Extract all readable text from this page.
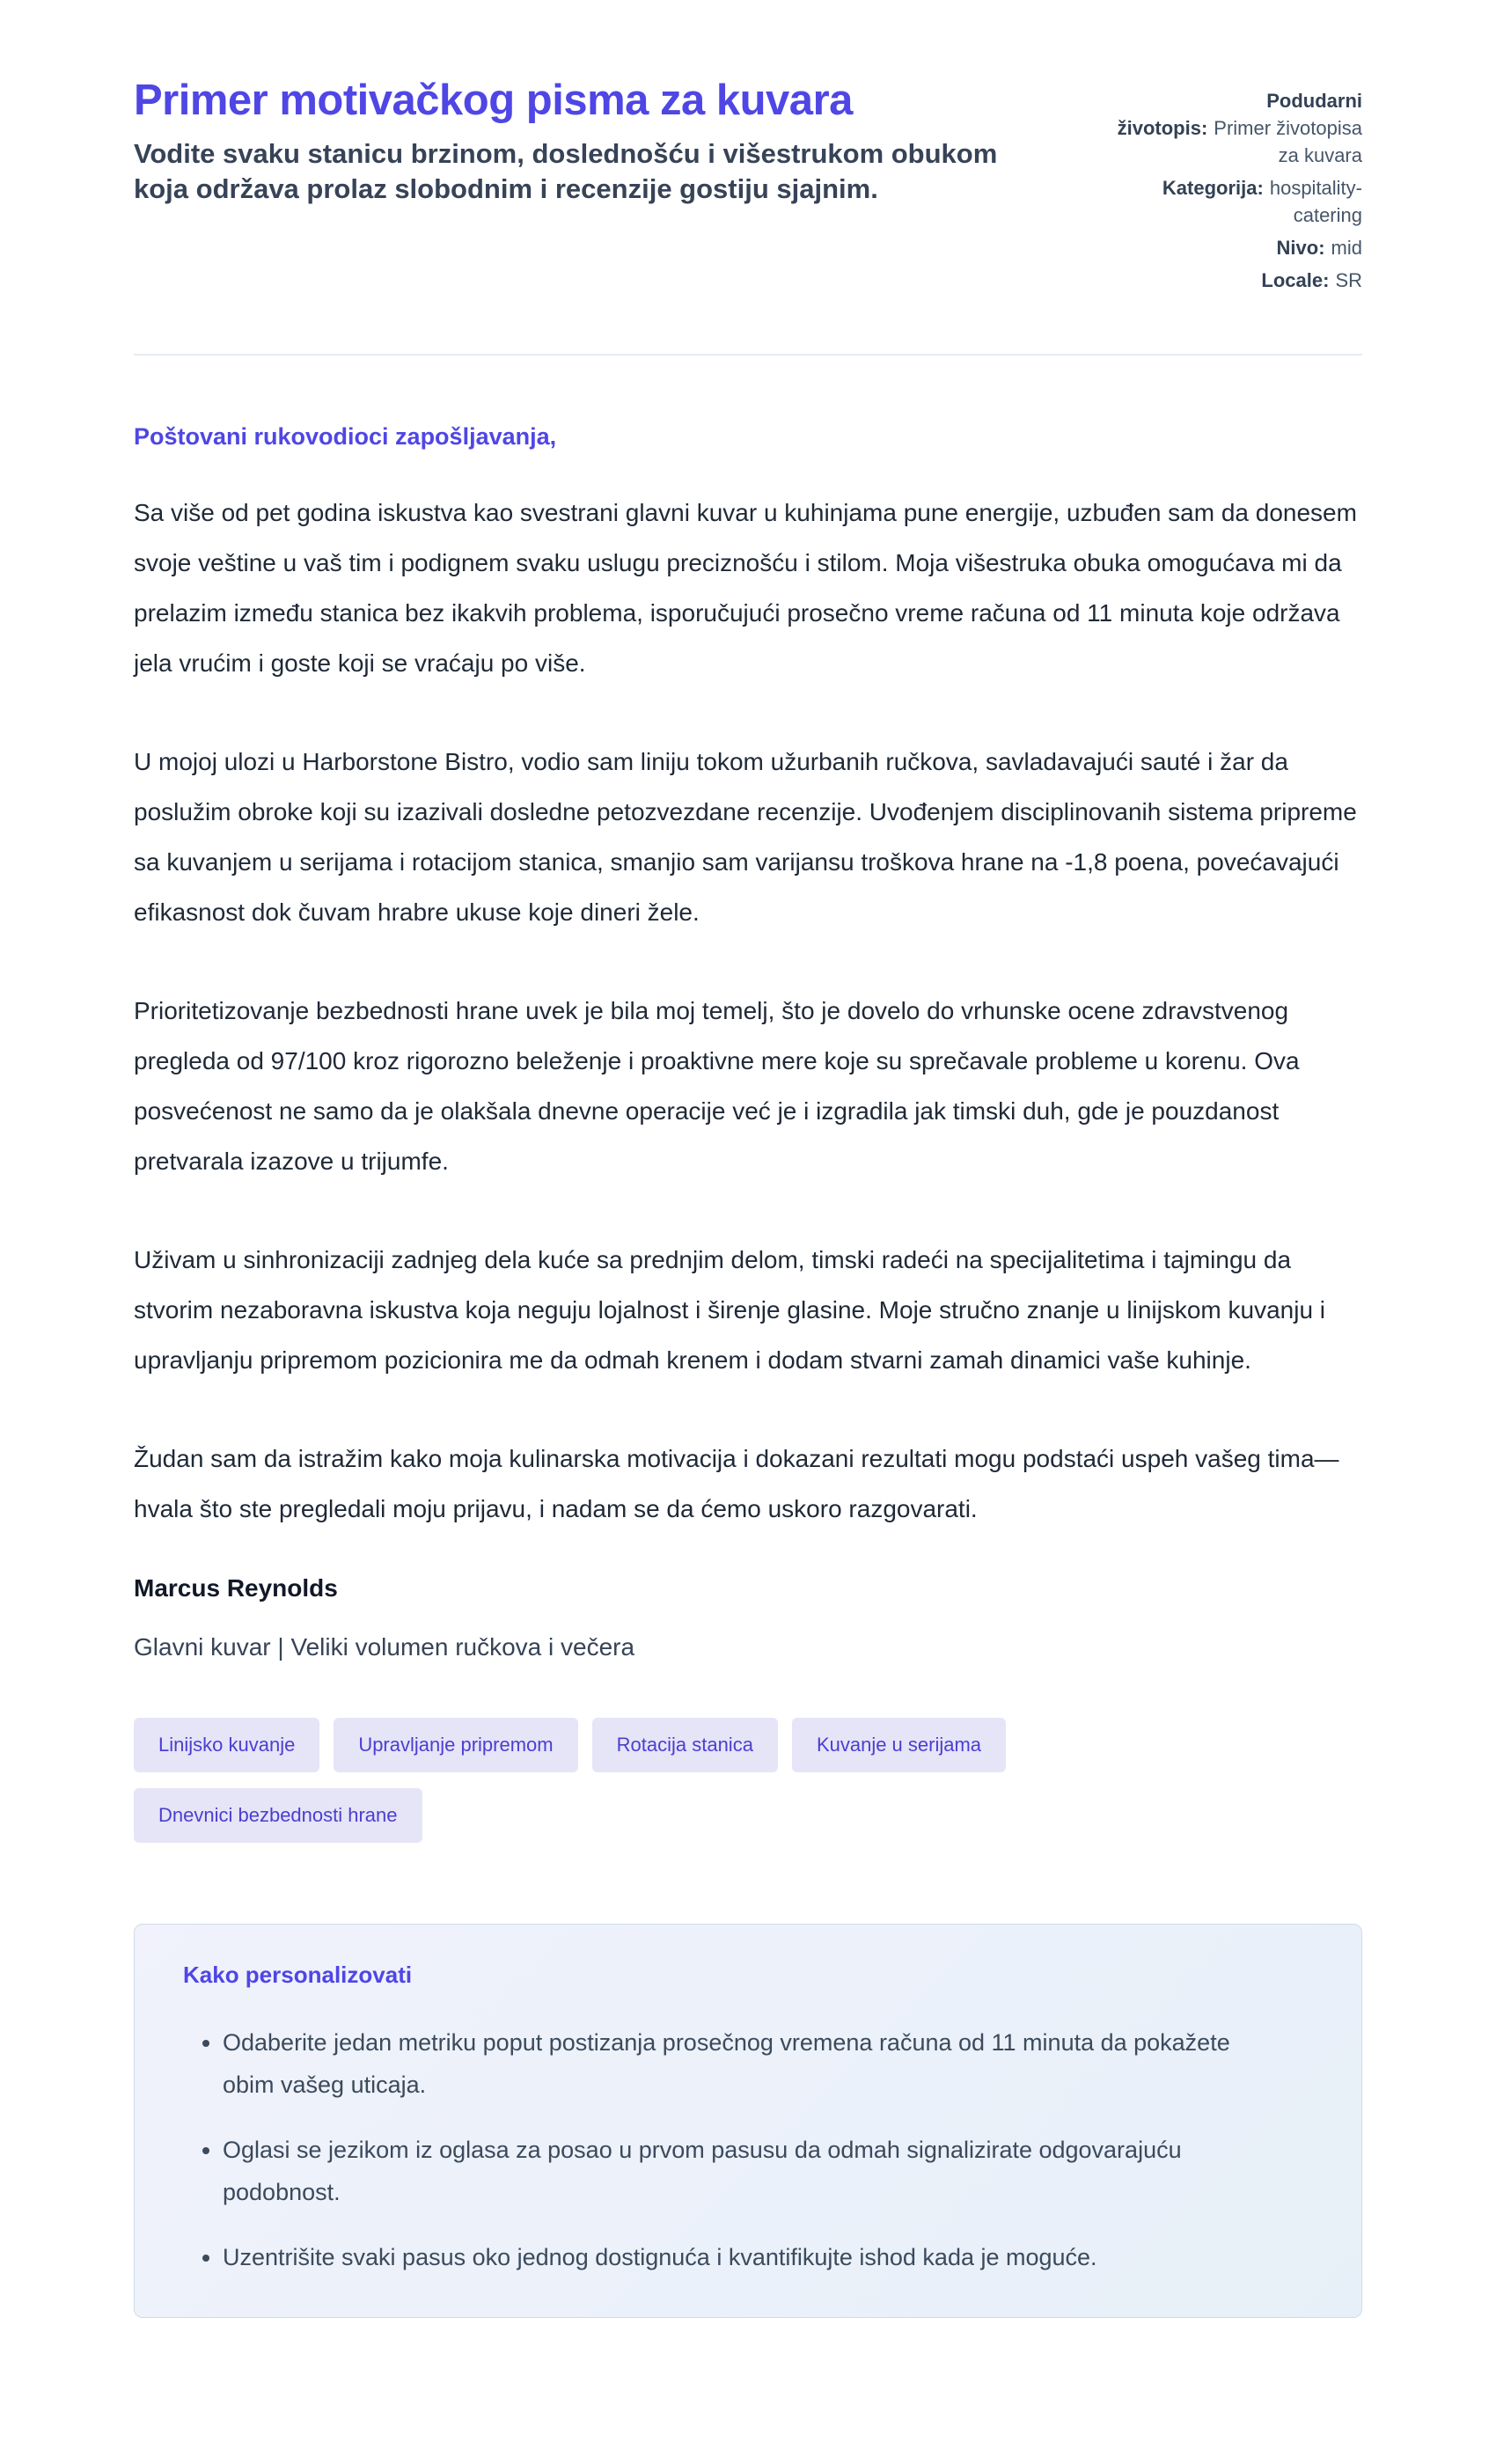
Primer motivačkog pisma za kuvara

Vodite svaku stanicu brzinom, doslednošću i višestrukom obukom koja održava prolaz slobodnim i recenzije gostiju sjajnim.

Podudarni životopis: Primer životopisa za kuvara
Kategorija: hospitality-catering
Nivo: mid
Locale: SR
Poštovani rukovodioci zapošljavanja,

Sa više od pet godina iskustva kao svestrani glavni kuvar u kuhinjama pune energije, uzbuđen sam da donesem svoje veštine u vaš tim i podignem svaku uslugu preciznošću i stilom. Moja višestruka obuka omogućava mi da prelazim između stanica bez ikakvih problema, isporučujući prosečno vreme računa od 11 minuta koje održava jela vrućim i goste koji se vraćaju po više.

U mojoj ulozi u Harborstone Bistro, vodio sam liniju tokom užurbanih ručkova, savladavajući sauté i žar da poslužim obroke koji su izazivali dosledne petozvezdane recenzije. Uvođenjem disciplinovanih sistema pripreme sa kuvanjem u serijama i rotacijom stanica, smanjio sam varijansu troškova hrane na -1,8 poena, povećavajući efikasnost dok čuvam hrabre ukuse koje dineri žele.

Prioritetizovanje bezbednosti hrane uvek je bila moj temelj, što je dovelo do vrhunske ocene zdravstvenog pregleda od 97/100 kroz rigorozno beleženje i proaktivne mere koje su sprečavale probleme u korenu. Ova posvećenost ne samo da je olakšala dnevne operacije već je i izgradila jak timski duh, gde je pouzdanost pretvarala izazove u trijumfe.

Uživam u sinhronizaciji zadnjeg dela kuće sa prednjim delom, timski radeći na specijalitetima i tajmingu da stvorim nezaboravna iskustva koja neguju lojalnost i širenje glasine. Moje stručno znanje u linijskom kuvanju i upravljanju pripremom pozicionira me da odmah krenem i dodam stvarni zamah dinamici vaše kuhinje.

Žudan sam da istražim kako moja kulinarska motivacija i dokazani rezultati mogu podstaći uspeh vašeg tima—hvala što ste pregledali moju prijavu, i nadam se da ćemo uskoro razgovarati.

Marcus Reynolds
Glavni kuvar | Veliki volumen ručkova i večera
Linijsko kuvanje	Upravljanje pripremom	Rotacija stanica	Kuvanje u serijama
Dnevnici bezbednosti hrane
Kako personalizovati
• Odaberite jedan metriku poput postizanja prosečnog vremena računa od 11 minuta da pokažete obim vašeg uticaja.
• Oglasi se jezikom iz oglasa za posao u prvom pasusu da odmah signalizirate odgovarajuću podobnost.
• Uzentrišite svaki pasus oko jednog dostignuća i kvantifikujte ishod kada je moguće.
